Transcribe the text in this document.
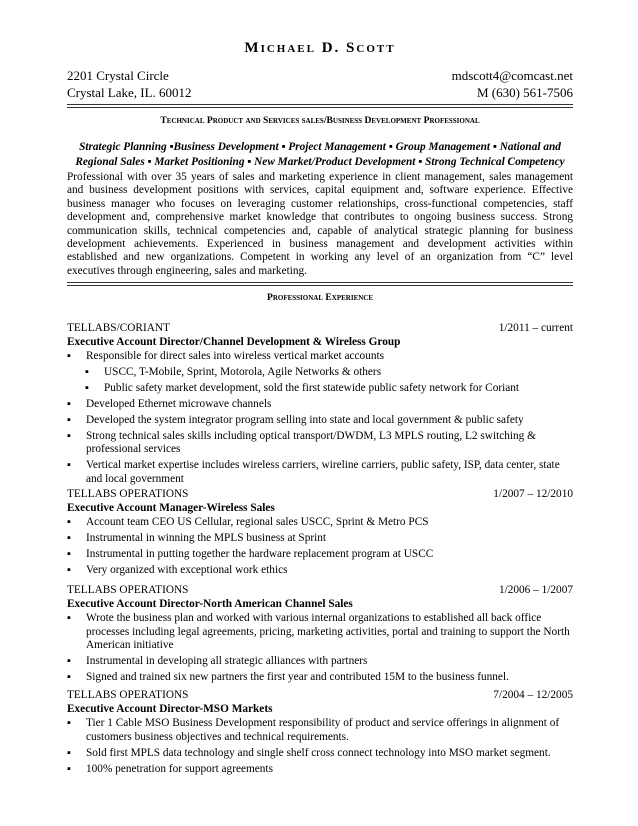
Michael D. Scott
2201 Crystal Circle
Crystal Lake, IL. 60012
mdscott4@comcast.net
M (630) 561-7506
Technical Product and Services sales/Business Development Professional
Strategic Planning ▪Business Development ▪ Project Management ▪ Group Management ▪ National and Regional Sales ▪ Market Positioning ▪ New Market/Product Development ▪ Strong Technical Competency
Professional with over 35 years of sales and marketing experience in client management, sales management and business development positions with services, capital equipment and, software experience. Effective business manager who focuses on leveraging customer relationships, cross-functional competencies, staff development and, comprehensive market knowledge that contributes to ongoing business success. Strong communication skills, technical competencies and, capable of analytical strategic planning for business development achievements. Experienced in business management and development activities within established and new organizations. Competent in working any level of an organization from “C” level executives through engineering, sales and marketing.
Professional Experience
TELLABS/CORIANT	1/2011 – current
Executive Account Director/Channel Development & Wireless Group
▪ Responsible for direct sales into wireless vertical market accounts
▪ USCC, T-Mobile, Sprint, Motorola, Agile Networks & others
▪ Public safety market development, sold the first statewide public safety network for Coriant
▪ Developed Ethernet microwave channels
▪ Developed the system integrator program selling into state and local government & public safety
▪ Strong technical sales skills including optical transport/DWDM, L3 MPLS routing, L2 switching & professional services
▪ Vertical market expertise includes wireless carriers, wireline carriers, public safety, ISP, data center, state and local government
TELLABS OPERATIONS	1/2007 – 12/2010
Executive Account Manager-Wireless Sales
▪ Account team CEO US Cellular, regional sales USCC, Sprint & Metro PCS
▪ Instrumental in winning the MPLS business at Sprint
▪ Instrumental in putting together the hardware replacement program at USCC
▪ Very organized with exceptional work ethics
TELLABS OPERATIONS	1/2006 – 1/2007
Executive Account Director-North American Channel Sales
▪ Wrote the business plan and worked with various internal organizations to established all back office processes including legal agreements, pricing, marketing activities, portal and training to support the North American initiative
▪ Instrumental in developing all strategic alliances with partners
▪ Signed and trained six new partners the first year and contributed 15M to the business funnel.
TELLABS OPERATIONS	7/2004 – 12/2005
Executive Account Director-MSO Markets
▪ Tier 1 Cable MSO Business Development responsibility of product and service offerings in alignment of customers business objectives and technical requirements.
▪ Sold first MPLS data technology and single shelf cross connect technology into MSO market segment.
▪ 100% penetration for support agreements
